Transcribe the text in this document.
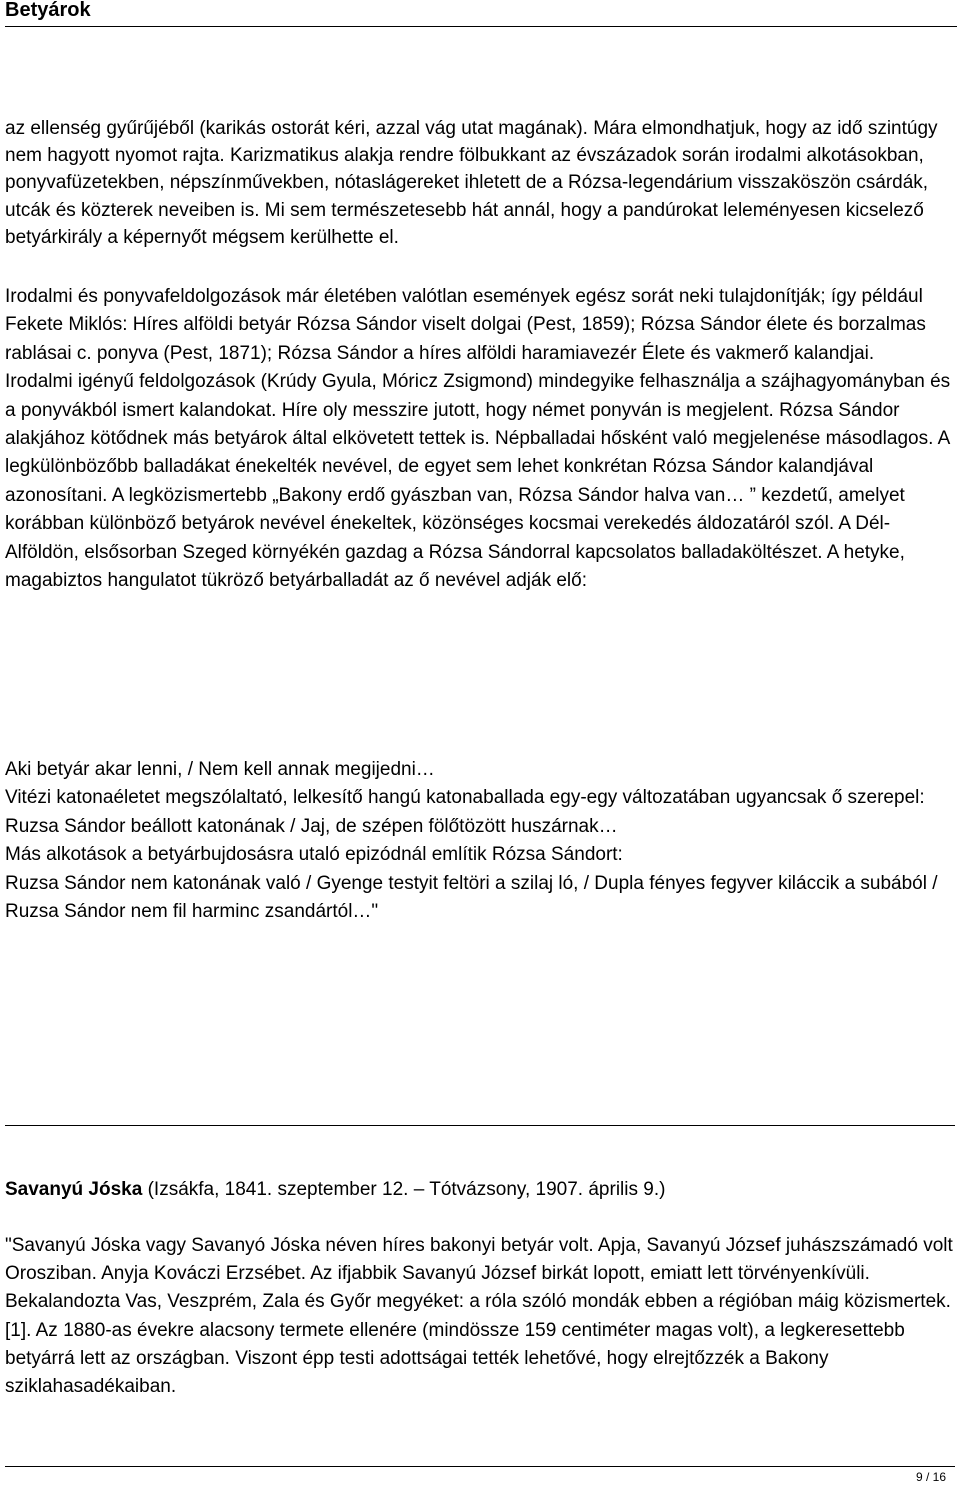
Betyárok
az ellenség gyűrűjéből (karikás ostorát kéri, azzal vág utat magának). Mára elmondhatjuk, hogy az idő szintúgy nem hagyott nyomot rajta. Karizmatikus alakja rendre fölbukkant az évszázadok során irodalmi alkotásokban, ponyvafüzetekben, népszínművekben, nótaslágereket ihletett de a Rózsa-legendárium visszaköszön csárdák, utcák és közterek neveiben is. Mi sem természetesebb hát annál, hogy a pandúrokat leleményesen kicselező betyárkirály a képernyőt mégsem kerülhette el.
Irodalmi és ponyvafeldolgozások már életében valótlan események egész sorát neki tulajdonítják; így például Fekete Miklós: Híres alföldi betyár Rózsa Sándor viselt dolgai (Pest, 1859); Rózsa Sándor élete és borzalmas rablásai c. ponyva (Pest, 1871); Rózsa Sándor a híres alföldi haramiavezér Élete és vakmerő kalandjai.
Irodalmi igényű feldolgozások (Krúdy Gyula, Móricz Zsigmond) mindegyike felhasználja a szájhagyományban és a ponyvákból ismert kalandokat. Híre oly messzire jutott, hogy német ponyván is megjelent. Rózsa Sándor alakjához kötődnek más betyárok által elkövetett tettek is. Népballadai hősként való megjelenése másodlagos. A legkülönbözőbb balladákat énekelték nevével, de egyet sem lehet konkrétan Rózsa Sándor kalandjával azonosítani. A legközismertebb „Bakony erdő gyászban van, Rózsa Sándor halva van… ” kezdetű, amelyet korábban különböző betyárok nevével énekeltek, közönséges kocsmai verekedés áldozatáról szól. A Dél-Alföldön, elsősorban Szeged környékén gazdag a Rózsa Sándorral kapcsolatos balladaköltészet. A hetyke, magabiztos hangulatot tükröző betyárballadát az ő nevével adják elő:
Aki betyár akar lenni, / Nem kell annak megijedni…
Vitézi katonaéletet megszólaltató, lelkesítő hangú katonaballada egy-egy változatában ugyancsak ő szerepel:
Ruzsa Sándor beállott katonának / Jaj, de szépen fölőtözött huszárnak…
Más alkotások a betyárbujdosásra utaló epizódnál említik Rózsa Sándort:
Ruzsa Sándor nem katonának való / Gyenge testyit feltöri a szilaj ló, / Dupla fényes fegyver kiláccik a subából / Ruzsa Sándor nem fil harminc zsandártól…"
Savanyú Jóska (Izsákfa, 1841. szeptember 12. – Tótvázsony, 1907. április 9.)
"Savanyú Jóska vagy Savanyó Jóska néven híres bakonyi betyár volt. Apja, Savanyú József juhászszámadó volt Orosziban. Anyja Kováczi Erzsébet. Az ifjabbik Savanyú József birkát lopott, emiatt lett törvényenkívüli. Bekalandozta Vas, Veszprém, Zala és Győr megyéket: a róla szóló mondák ebben a régióban máig közismertek.[1]. Az 1880-as évekre alacsony termete ellenére (mindössze 159 centiméter magas volt), a legkeresettebb betyárrá lett az országban. Viszont épp testi adottságai tették lehetővé, hogy elrejtőzzék a Bakony sziklahasadékaiban.
9 / 16
